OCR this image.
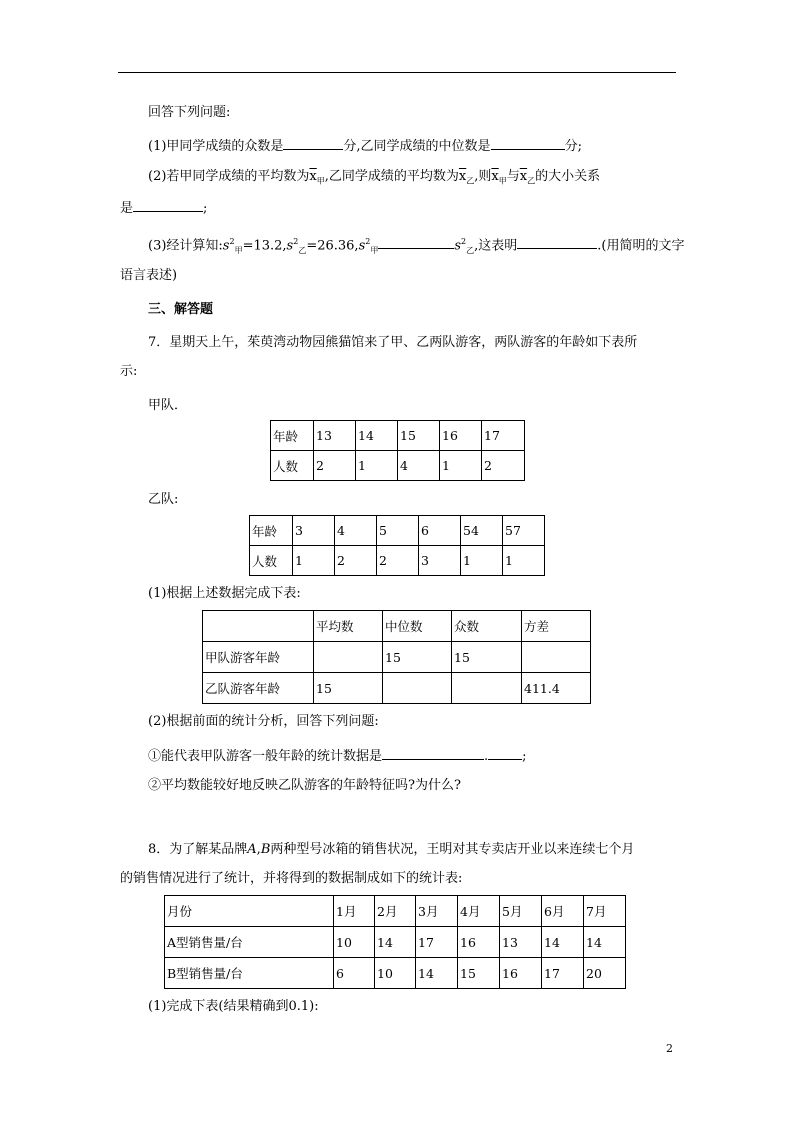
回答下列问题:
(1)甲同学成绩的众数是	分,乙同学成绩的中位数是	分;
(2)若甲同学成绩的平均数为$\overline{x}_甲$,乙同学成绩的平均数为$\overline{x}_乙$,则$\overline{x}_甲$与$\overline{x}_乙$的大小关系
是	;
(3)经计算知$:s^2_甲=13.2,s^2_乙=26.36,s^2_甲$	$s^2_乙$,这表明	.(用简明的文字
语言表述)
三、解答题
7．星期天上午，茱萸湾动物园熊猫馆来了甲、乙两队游客，两队游客的年龄如下表所
示:
甲队．
年龄	13	14	15	16	17
人数	2	1	4	1	2
乙队:
年龄	3	4	5	6	54	57
人数	1	2	2	3	1	1
(1)根据上述数据完成下表:
	平均数	中位数	众数	方差
甲队游客年龄		15	15	
乙队游客年龄	15			411.4
(2)根据前面的统计分析，回答下列问题:
①能代表甲队游客一般年龄的统计数据是	.	;
②平均数能较好地反映乙队游客的年龄特征吗?为什么?
8．为了解某品牌A,B两种型号冰箱的销售状况，王明对其专卖店开业以来连续七个月
的销售情况进行了统计，并将得到的数据制成如下的统计表:
月份	1月	2月	3月	4月	5月	6月	7月
A型销售量/台	10	14	17	16	13	14	14
B型销售量/台	6	10	14	15	16	17	20
(1)完成下表(结果精确到0.1):
2
